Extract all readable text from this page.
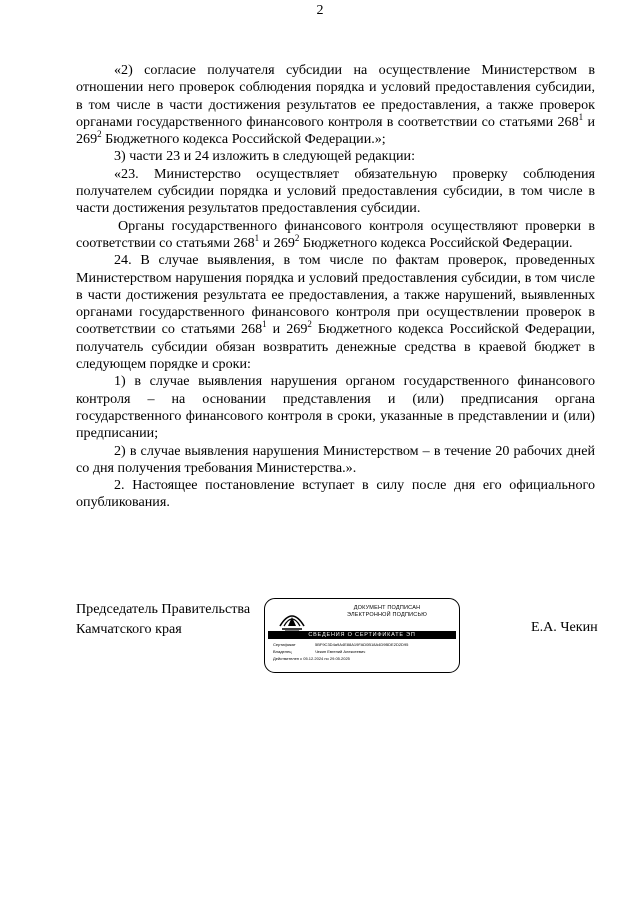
2

«2) согласие получателя субсидии на осуществление Министерством в отношении него проверок соблюдения порядка и условий предоставления субсидии, в том числе в части достижения результатов ее предоставления, а также проверок органами государственного финансового контроля в соответствии со статьями $268^1$ и $269^2$ Бюджетного кодекса Российской Федерации.»;

3) части 23 и 24 изложить в следующей редакции:

«23. Министерство осуществляет обязательную проверку соблюдения получателем субсидии порядка и условий предоставления субсидии, в том числе в части достижения результатов предоставления субсидии.

Органы государственного финансового контроля осуществляют проверки в соответствии со статьями $268^1$ и $269^2$ Бюджетного кодекса Российской Федерации.

24. В случае выявления, в том числе по фактам проверок, проведенных Министерством нарушения порядка и условий предоставления субсидии, в том числе в части достижения результата ее предоставления, а также нарушений, выявленных органами государственного финансового контроля при осуществлении проверок в соответствии со статьями $268^1$ и $269^2$ Бюджетного кодекса Российской Федерации, получатель субсидии обязан возвратить денежные средства в краевой бюджет в следующем порядке и сроки:

1) в случае выявления нарушения органом государственного финансового контроля – на основании представления и (или) предписания органа государственного финансового контроля в сроки, указанные в представлении и (или) предписании;

2) в случае выявления нарушения Министерством – в течение 20 рабочих дней со дня получения требования Министерства.».

2. Настоящее постановление вступает в силу после дня его официального опубликования.

Председатель Правительства
Камчатского края
ДОКУМЕНТ ПОДПИСАН
ЭЛЕКТРОННОЙ ПОДПИСЬЮ
СВЕДЕНИЯ О СЕРТИФИКАТЕ ЭП
Сертификат	5BF9C3D4a9A4E88A19FAD0B18A4D9BDE2D2D95
Владелец	Чекин Евгений Алексеевич
Действителен с
05.12.2024 по 29.05.2025
Е.А. Чекин
